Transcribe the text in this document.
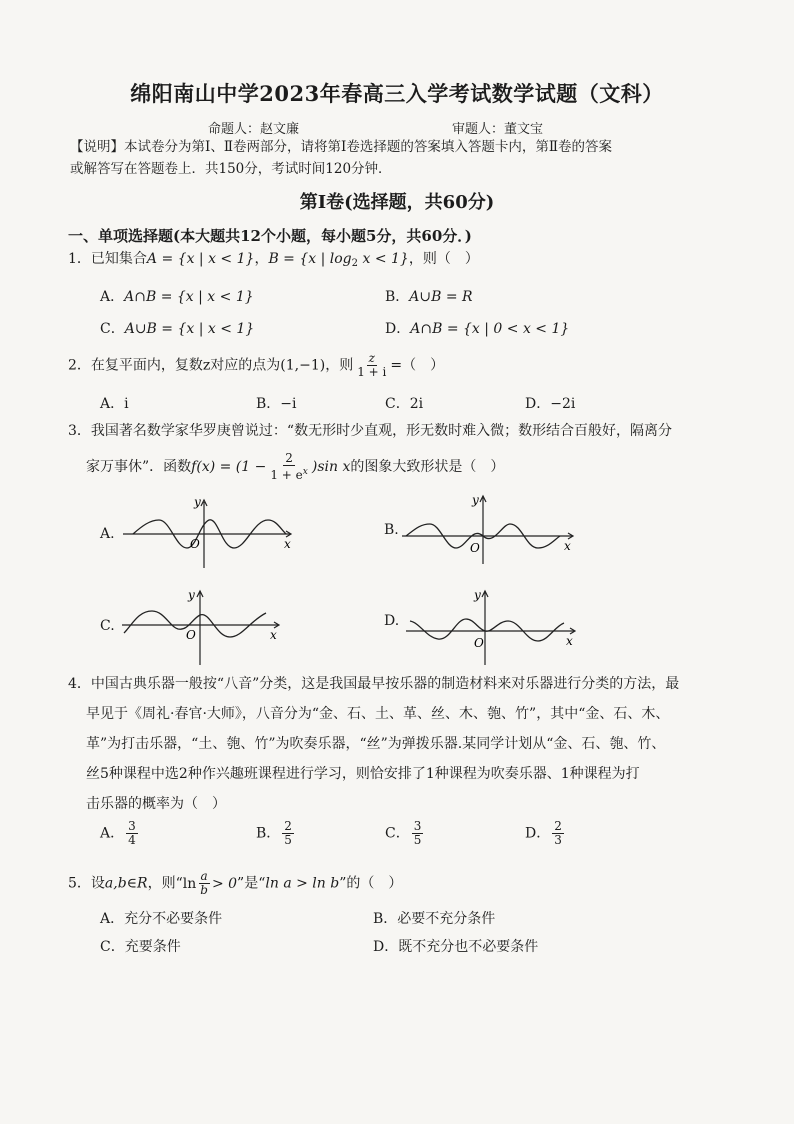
绵阳南山中学2023年春高三入学考试数学试题（文科）
命题人：赵文廉	审题人：董文宝
【说明】本试卷分为第Ⅰ、Ⅱ卷两部分，请将第Ⅰ卷选择题的答案填入答题卡内，第Ⅱ卷的答案
或解答写在答题卷上．共150分，考试时间120分钟．
第Ⅰ卷(选择题，共60分)
一、单项选择题(本大题共12个小题，每小题5分，共60分．)
1．已知集合A = {x | x < 1}，B = {x | $\log_2 x < 1$}，则（　）
A．A∩B = {x | x < 1}	B．A∪B = R
C．A∪B = {x | x < 1}	D．A∩B = {x | 0 < x < 1}
2．在复平面内，复数z对应的点为(1,−1)，则 $\frac{z}{1 + i}$ =（　）
A．i	B．−i	C．2i	D．−2i
3．我国著名数学家华罗庚曾说过：“数无形时少直观，形无数时难入微；数形结合百般好，隔离分
家万事休”．函数$f(x) = (1 - \frac{2}{1 + e^x} )\sin$ x的图象大致形状是（　）
A.
y
x
O
B.
y
x
O
C.
y
x
O
D.
y
x
O
4．中国古典乐器一般按“八音”分类，这是我国最早按乐器的制造材料来对乐器进行分类的方法，最
早见于《周礼·春官·大师》，八音分为“金、石、土、革、丝、木、匏、竹”，其中“金、石、木、
革”为打击乐器，“土、匏、竹”为吹奏乐器，“丝”为弹拨乐器.某同学计划从“金、石、匏、竹、
丝5种课程中选2种作兴趣班课程进行学习，则恰安排了1种课程为吹奏乐器、1种课程为打
击乐器的概率为（　）
A． $\frac{3}{4}$	B． $\frac{2}{5}$	C． $\frac{3}{5}$	D． $\frac{2}{3}$
5．设a,b∈R，则“$\ln \frac{a}{b} > 0$”是“ln a > ln b”的（　）
A．充分不必要条件	B．必要不充分条件
C．充要条件	D．既不充分也不必要条件
